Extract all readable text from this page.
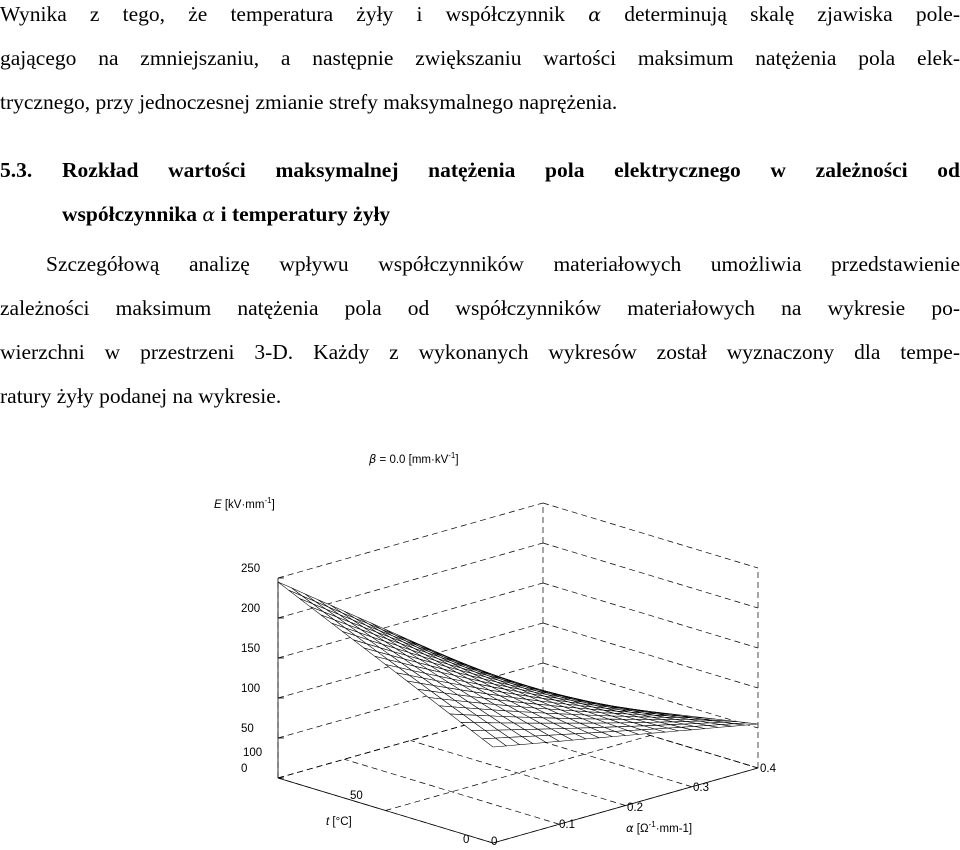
Wynika z tego, że temperatura żyły i współczynnik α determinują skalę zjawiska pole-
gającego na zmniejszaniu, a następnie zwiększaniu wartości maksimum natężenia pola elek-
trycznego, przy jednoczesnej zmianie strefy maksymalnego naprężenia.
5.3. Rozkład wartości maksymalnej natężenia pola elektrycznego w zależności od
współczynnika α i temperatury żyły
Szczegółową analizę wpływu współczynników materiałowych umożliwia przedstawienie
zależności maksimum natężenia pola od współczynników materiałowych na wykresie po-
wierzchni w przestrzeni 3-D. Każdy z wykonanych wykresów został wyznaczony dla tempe-
ratury żyły podanej na wykresie.
β = 0.0 $[mm\cdot kV^{-1}]$
E $[kV\cdot mm^{-1}]$
t [°C]	α $[\Omega^{-1}\cdot mm-1]$
0
50
100
150
200
250
0
50
100
0
0.1
0.2
0.3
0.4
